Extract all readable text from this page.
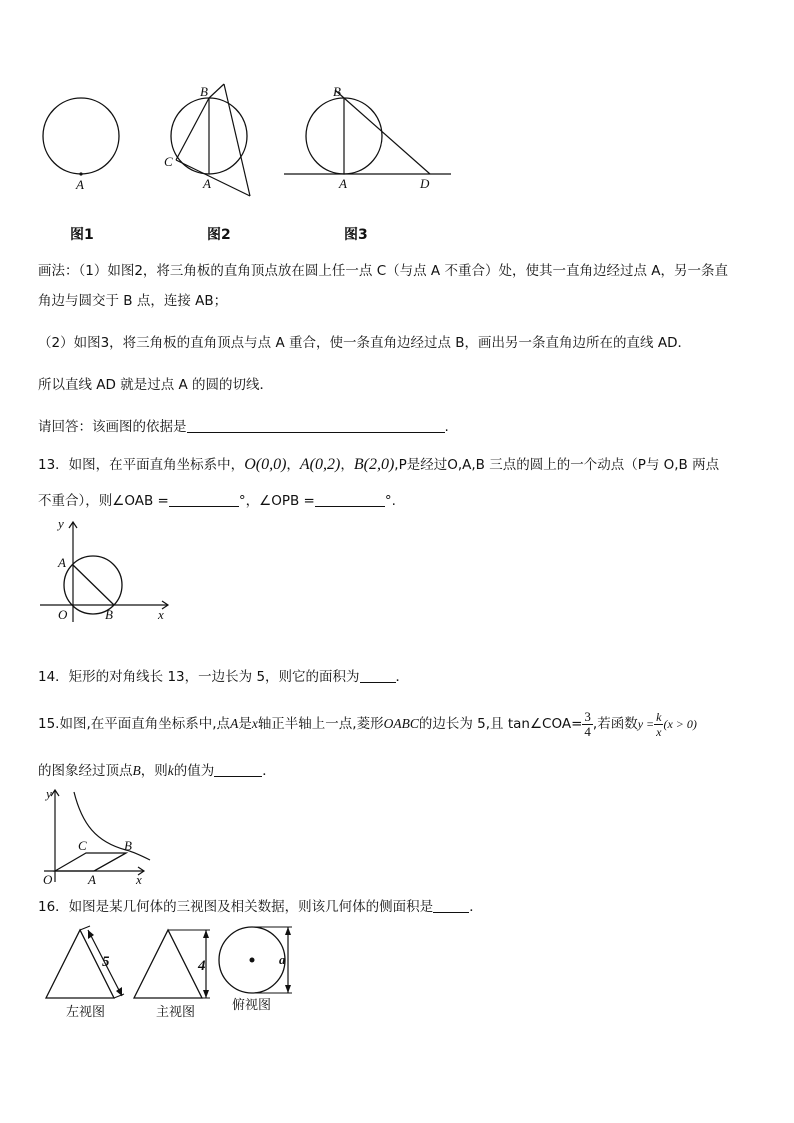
A
B
C
A
B
A	D
图1	图2	图3
画法：（1）如图2，将三角板的直角顶点放在圆上任一点 C（与点 A 不重合）处，使其一直角边经过点 A，另一条直
角边与圆交于 B 点，连接 AB；
（2）如图3，将三角板的直角顶点与点 A 重合，使一条直角边经过点 B，画出另一条直角边所在的直线 AD．
所以直线 AD 就是过点 A 的圆的切线．
请回答：该画图的依据是	.
13．如图，在平面直角坐标系中，O(0,0)，A(0,2)，B(2,0),P是经过O,A,B 三点的圆上的一个动点（P与 O,B 两点
不重合），则∠OAB =	°，∠OPB =	°.
y
A
O	B	x
14．矩形的对角线长 13，一边长为 5，则它的面积为	．
15.如图,在平面直角坐标系中,点A是x轴正半轴上一点,菱形OABC的边长为 5,且 tan∠COA= $\frac{3}{4}$ ,若函数$y = \frac{k}{x} (x > 0)$
的图象经过顶点B，则k的值为	．
y
C	B
O	A	x
16．如图是某几何体的三视图及相关数据，则该几何体的侧面积是	．
5	4	a
左视图	主视图	俯视图
